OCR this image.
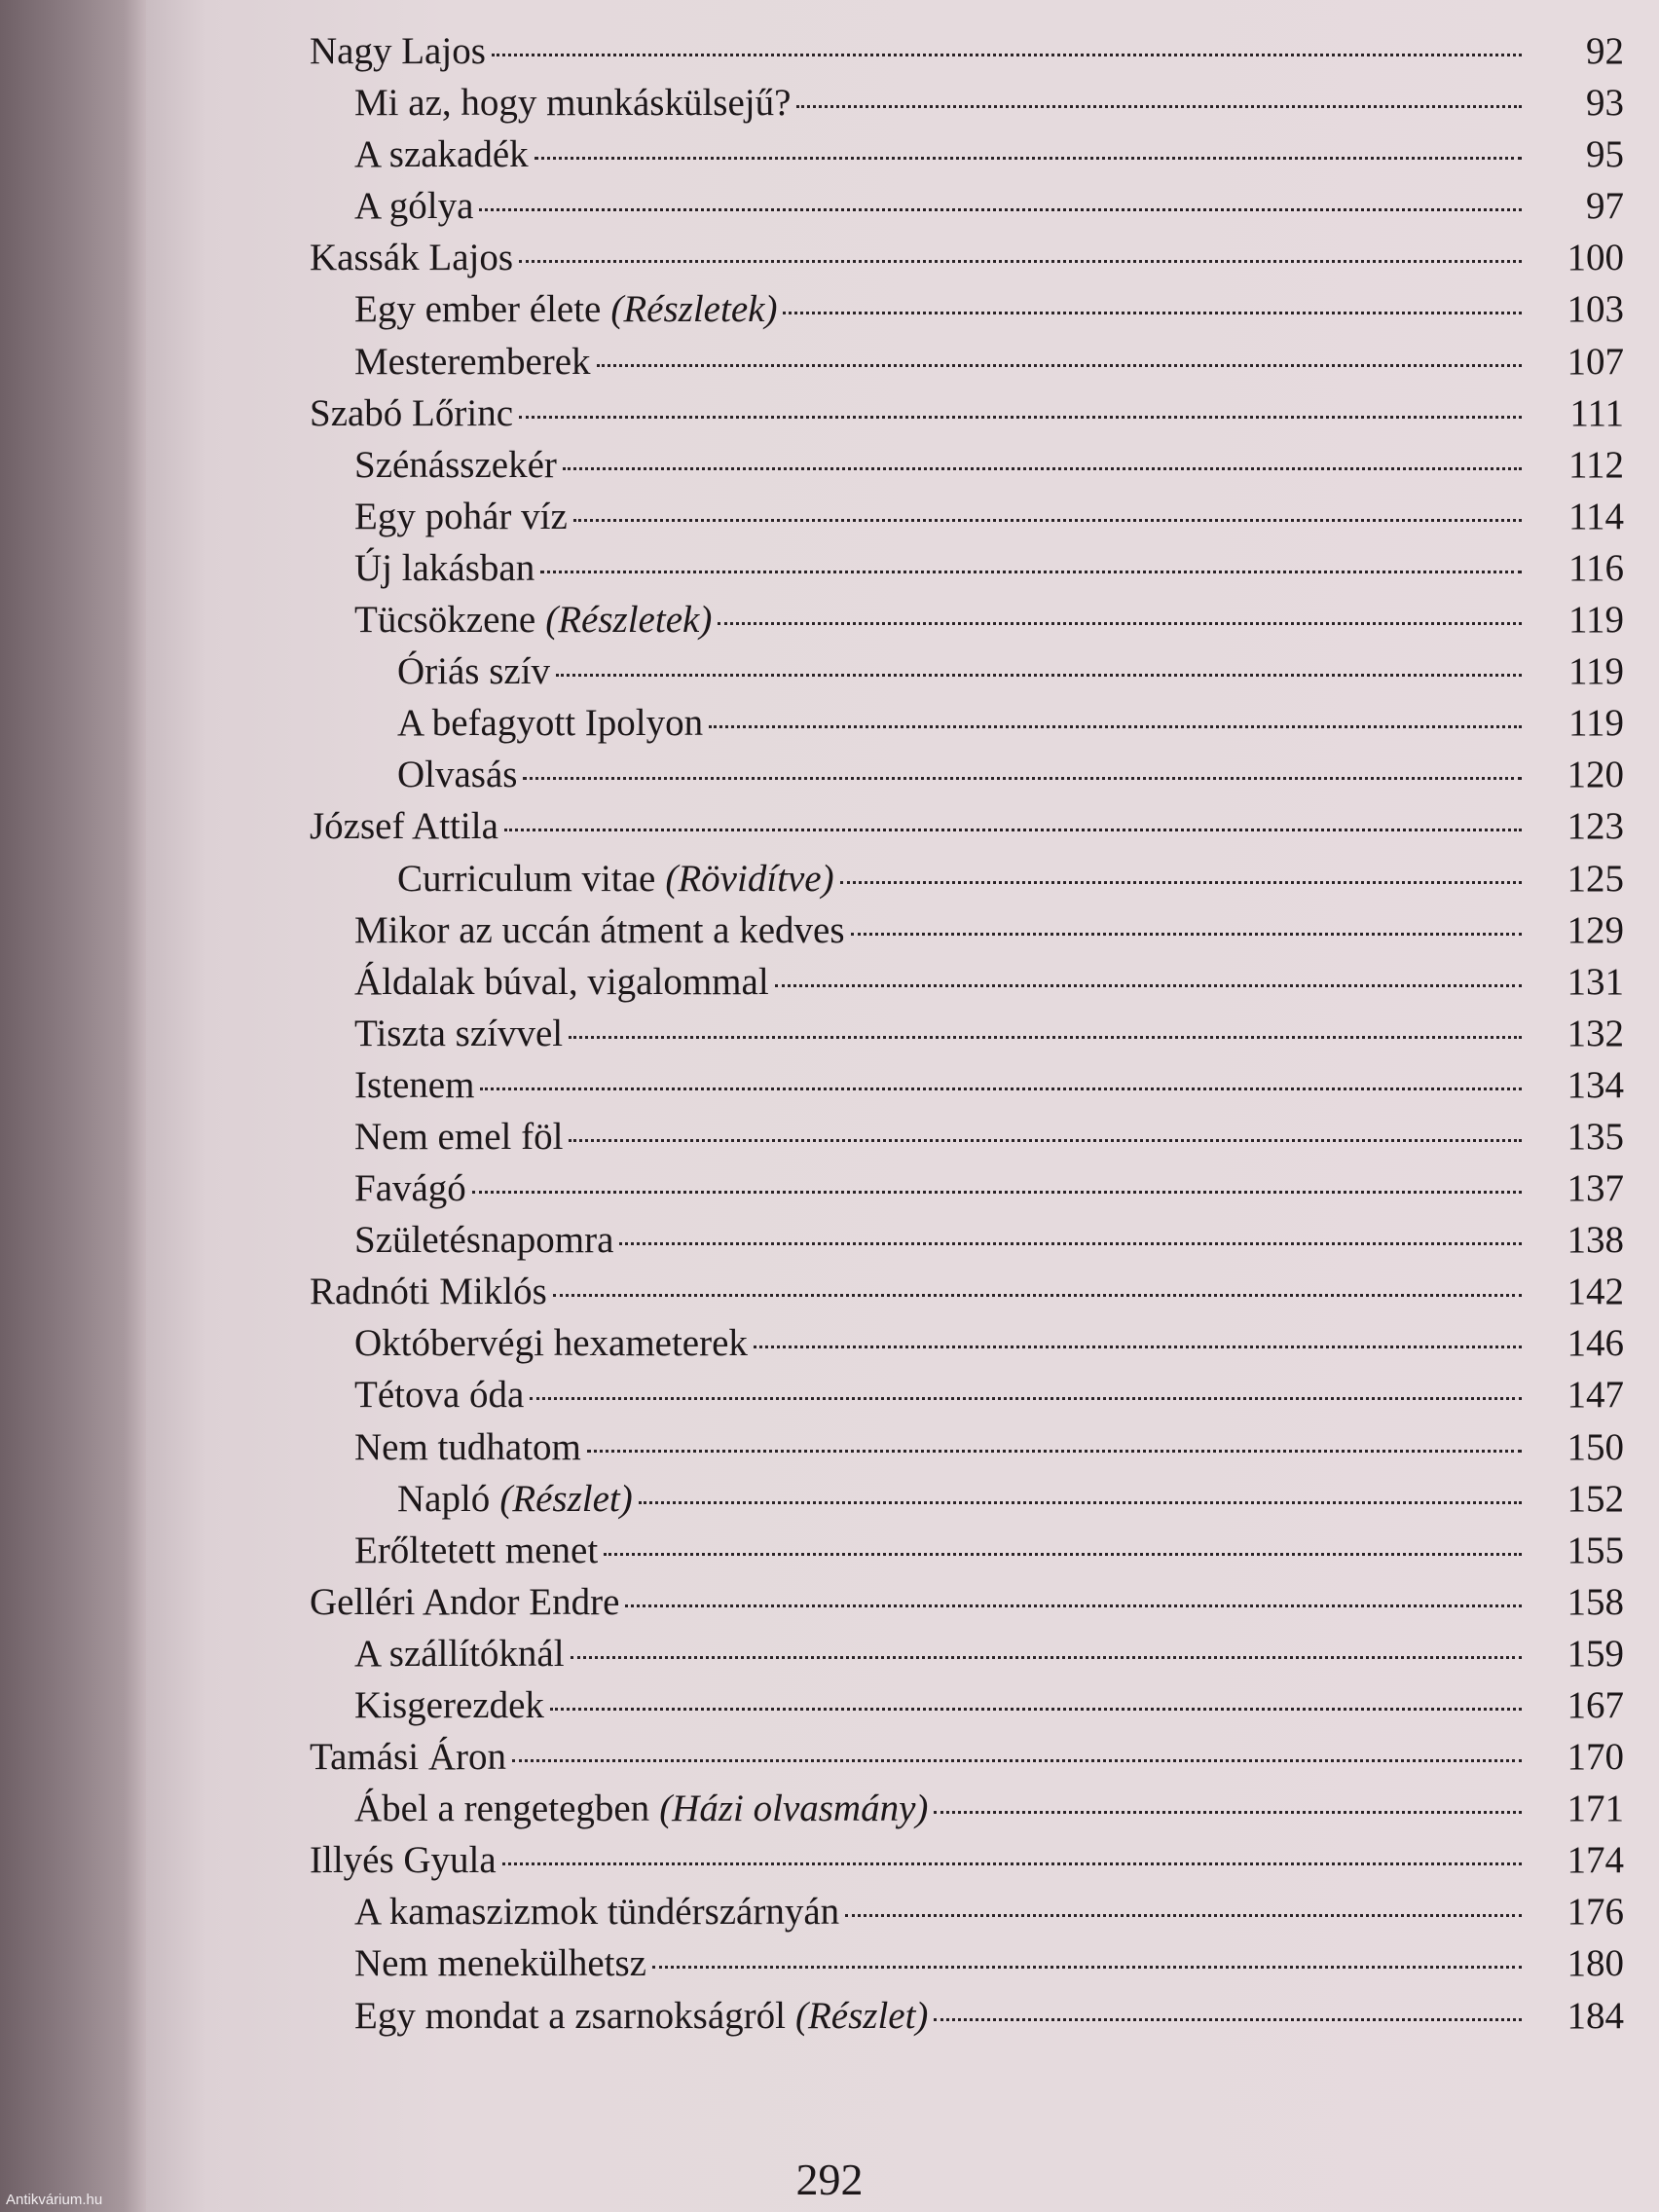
Nagy Lajos	92
Mi az, hogy munkáskülsejű?	93
A szakadék	95
A gólya	97
Kassák Lajos	100
Egy ember élete (Részletek)	103
Mesteremberek	107
Szabó Lőrinc	111
Szénásszekér	112
Egy pohár víz	114
Új lakásban	116
Tücsökzene (Részletek)	119
Óriás szív	119
A befagyott Ipolyon	119
Olvasás	120
József Attila	123
Curriculum vitae (Rövidítve)	125
Mikor az uccán átment a kedves	129
Áldalak búval, vigalommal	131
Tiszta szívvel	132
Istenem	134
Nem emel föl	135
Favágó	137
Születésnapomra	138
Radnóti Miklós	142
Októbervégi hexameterek	146
Tétova óda	147
Nem tudhatom	150
Napló (Részlet)	152
Erőltetett menet	155
Gelléri Andor Endre	158
A szállítóknál	159
Kisgerezdek	167
Tamási Áron	170
Ábel a rengetegben (Házi olvasmány)	171
Illyés Gyula	174
A kamaszizmok tündérszárnyán	176
Nem menekülhetsz	180
Egy mondat a zsarnokságról (Részlet)	184
292
Antikvárium.hu
